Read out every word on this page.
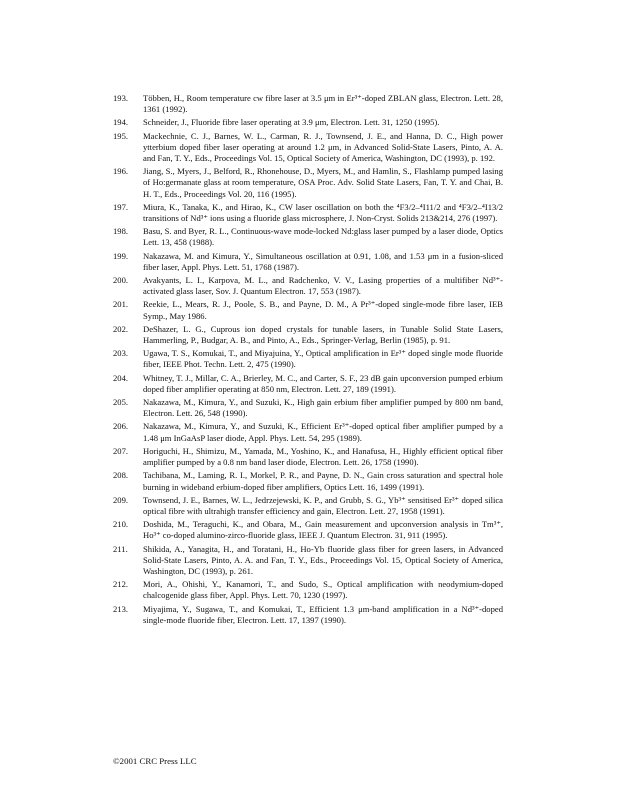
193.	Többen, H., Room temperature cw fibre laser at 3.5 μm in Er³⁺-doped ZBLAN glass, Electron. Lett. 28, 1361 (1992).
194.	Schneider, J., Fluoride fibre laser operating at 3.9 μm, Electron. Lett. 31, 1250 (1995).
195.	Mackechnie, C. J., Barnes, W. L., Carman, R. J., Townsend, J. E., and Hanna, D. C., High power ytterbium doped fiber laser operating at around 1.2 μm, in Advanced Solid-State Lasers, Pinto, A. A. and Fan, T. Y., Eds., Proceedings Vol. 15, Optical Society of America, Washington, DC (1993), p. 192.
196.	Jiang, S., Myers, J., Belford, R., Rhonehouse, D., Myers, M., and Hamlin, S., Flashlamp pumped lasing of Ho:germanate glass at room temperature, OSA Proc. Adv. Solid State Lasers, Fan, T. Y. and Chai, B. H. T., Eds., Proceedings Vol. 20, 116 (1995).
197.	Miura, K., Tanaka, K., and Hirao, K., CW laser oscillation on both the ⁴F3/2–⁴I11/2 and ⁴F3/2–⁴I13/2 transitions of Nd³⁺ ions using a fluoride glass microsphere, J. Non-Cryst. Solids 213&214, 276 (1997).
198.	Basu, S. and Byer, R. L., Continuous-wave mode-locked Nd:glass laser pumped by a laser diode, Optics Lett. 13, 458 (1988).
199.	Nakazawa, M. and Kimura, Y., Simultaneous oscillation at 0.91, 1.08, and 1.53 μm in a fusion-sliced fiber laser, Appl. Phys. Lett. 51, 1768 (1987).
200.	Avakyants, L. I., Karpova, M. L., and Radchenko, V. V., Lasing properties of a multifiber Nd³⁺-activated glass laser, Sov. J. Quantum Electron. 17, 553 (1987).
201.	Reekie, L., Mears, R. J., Poole, S. B., and Payne, D. M., A Pr³⁺-doped single-mode fibre laser, IEB Symp., May 1986.
202.	DeShazer, L. G., Cuprous ion doped crystals for tunable lasers, in Tunable Solid State Lasers, Hammerling, P., Budgar, A. B., and Pinto, A., Eds., Springer-Verlag, Berlin (1985), p. 91.
203.	Ugawa, T. S., Komukai, T., and Miyajuina, Y., Optical amplification in Er³⁺ doped single mode fluoride fiber, IEEE Phot. Techn. Lett. 2, 475 (1990).
204.	Whitney, T. J., Millar, C. A., Brierley, M. C., and Carter, S. F., 23 dB gain upconversion pumped erbium doped fiber amplifier operating at 850 nm, Electron. Lett. 27, 189 (1991).
205.	Nakazawa, M., Kimura, Y., and Suzuki, K., High gain erbium fiber amplifier pumped by 800 nm band, Electron. Lett. 26, 548 (1990).
206.	Nakazawa, M., Kimura, Y., and Suzuki, K., Efficient Er³⁺-doped optical fiber amplifier pumped by a 1.48 μm InGaAsP laser diode, Appl. Phys. Lett. 54, 295 (1989).
207.	Horiguchi, H., Shimizu, M., Yamada, M., Yoshino, K., and Hanafusa, H., Highly efficient optical fiber amplifier pumped by a 0.8 nm band laser diode, Electron. Lett. 26, 1758 (1990).
208.	Tachibana, M., Laming, R. I., Morkel, P. R., and Payne, D. N., Gain cross saturation and spectral hole burning in wideband erbium-doped fiber amplifiers, Optics Lett. 16, 1499 (1991).
209.	Townsend, J. E., Barnes, W. L., Jedrzejewski, K. P., and Grubb, S. G., Yb³⁺ sensitised Er³⁺ doped silica optical fibre with ultrahigh transfer efficiency and gain, Electron. Lett. 27, 1958 (1991).
210.	Doshida, M., Teraguchi, K., and Obara, M., Gain measurement and upconversion analysis in Tm³⁺, Ho³⁺ co-doped alumino-zirco-fluoride glass, IEEE J. Quantum Electron. 31, 911 (1995).
211.	Shikida, A., Yanagita, H., and Toratani, H., Ho-Yb fluoride glass fiber for green lasers, in Advanced Solid-State Lasers, Pinto, A. A. and Fan, T. Y., Eds., Proceedings Vol. 15, Optical Society of America, Washington, DC (1993), p. 261.
212.	Mori, A., Ohishi, Y., Kanamori, T., and Sudo, S., Optical amplification with neodymium-doped chalcogenide glass fiber, Appl. Phys. Lett. 70, 1230 (1997).
213.	Miyajima, Y., Sugawa, T., and Komukai, T., Efficient 1.3 μm-band amplification in a Nd³⁺-doped single-mode fluoride fiber, Electron. Lett. 17, 1397 (1990).
©2001 CRC Press LLC
